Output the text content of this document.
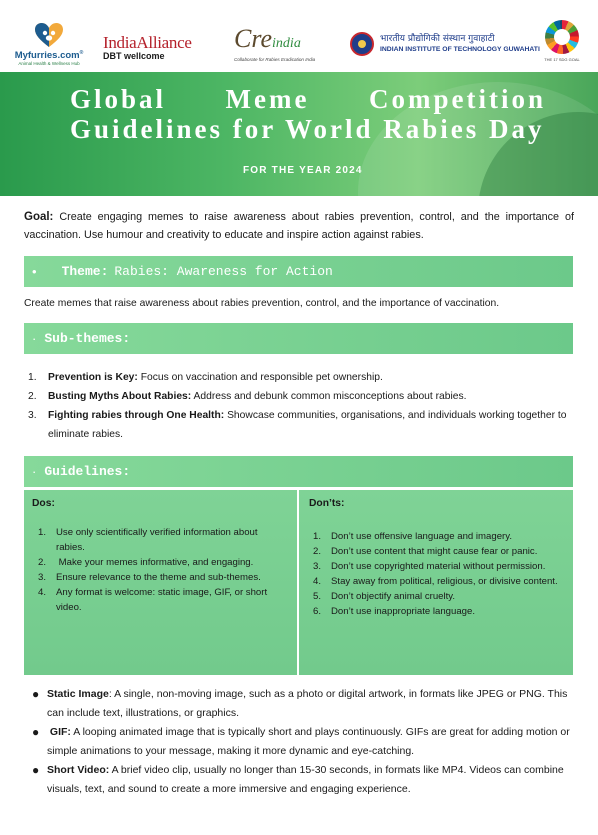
Myfurries.com®
Animal Health & Wellness Hub
IndiaAlliance
DBT wellcome
Creindia
Collaborate for Rabies Eradication India
भारतीय प्रौद्योगिकी संस्थान गुवाहाटी
INDIAN INSTITUTE OF TECHNOLOGY GUWAHATI
THE 17 SDG GOAL
Global Meme Competition Guidelines for World Rabies Day
FOR THE YEAR 2024

Goal: Create engaging memes to raise awareness about rabies prevention, control, and the importance of vaccination. Use humour and creativity to educate and inspire action against rabies.

• Theme: Rabies: Awareness for Action

Create memes that raise awareness about rabies prevention, control, and the importance of vaccination.

· Sub-themes:
1.	Prevention is Key: Focus on vaccination and responsible pet ownership.
2.	Busting Myths About Rabies: Address and debunk common misconceptions about rabies.
3.	Fighting rabies through One Health: Showcase communities, organisations, and individuals working together to eliminate rabies.
· Guidelines:
Dos:
1.	Use only scientifically verified information about rabies.
2.	Make your memes informative, and engaging.
3.	Ensure relevance to the theme and sub-themes.
4.	Any format is welcome: static image, GIF, or short video.
Don’ts:
1.	Don’t use offensive language and imagery.
2.	Don’t use content that might cause fear or panic.
3.	Don’t use copyrighted material without permission.
4.	Stay away from political, religious, or divisive content.
5.	Don’t objectify animal cruelty.
6.	Don’t use inappropriate language.
● Static Image: A single, non-moving image, such as a photo or digital artwork, in formats like JPEG or PNG. This can include text, illustrations, or graphics.
● GIF: A looping animated image that is typically short and plays continuously. GIFs are great for adding motion or simple animations to your message, making it more dynamic and eye-catching.
● Short Video: A brief video clip, usually no longer than 15-30 seconds, in formats like MP4. Videos can combine visuals, text, and sound to create a more immersive and engaging experience.
